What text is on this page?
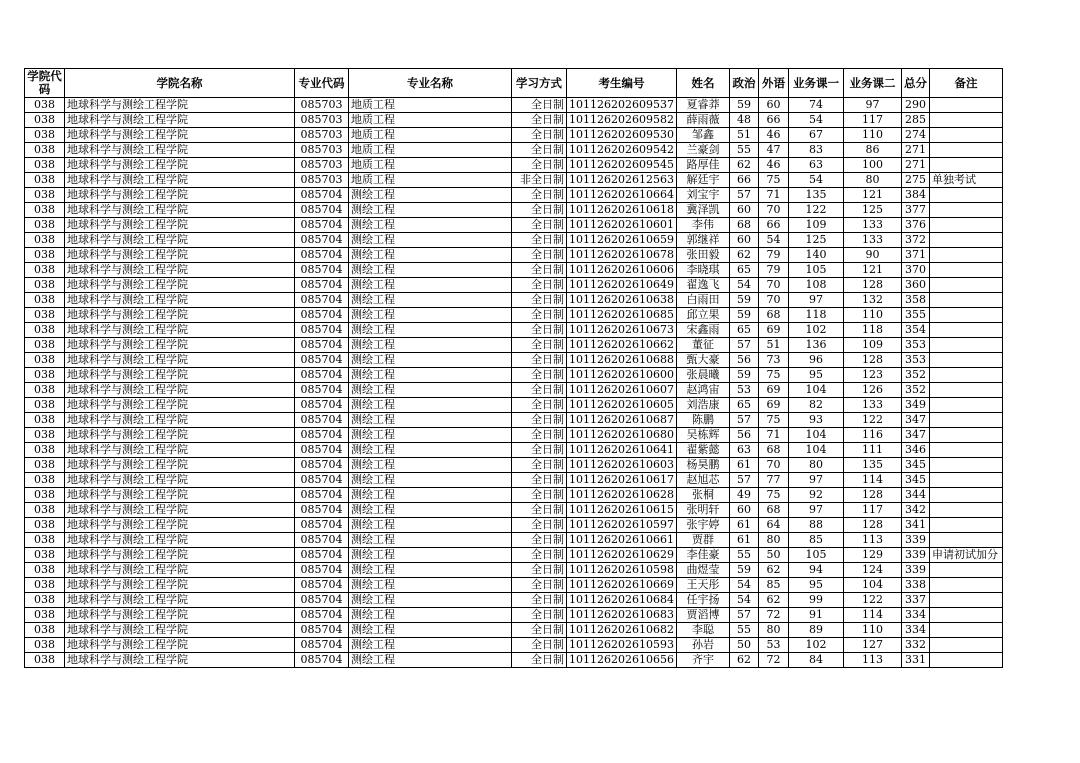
学院代码	学院名称	专业代码	专业名称	学习方式	考生编号	姓名	政治	外语	业务课一	业务课二	总分	备注
038	地球科学与测绘工程学院	085703	地质工程	全日制	101126202609537	夏睿莽	59	60	74	97	290	
038	地球科学与测绘工程学院	085703	地质工程	全日制	101126202609582	薛雨薇	48	66	54	117	285	
038	地球科学与测绘工程学院	085703	地质工程	全日制	101126202609530	邹鑫	51	46	67	110	274	
038	地球科学与测绘工程学院	085703	地质工程	全日制	101126202609542	兰豪剑	55	47	83	86	271	
038	地球科学与测绘工程学院	085703	地质工程	全日制	101126202609545	路厚佳	62	46	63	100	271	
038	地球科学与测绘工程学院	085703	地质工程	非全日制	101126202612563	解廷宇	66	75	54	80	275	单独考试
038	地球科学与测绘工程学院	085704	测绘工程	全日制	101126202610664	刘宝宇	57	71	135	121	384	
038	地球科学与测绘工程学院	085704	测绘工程	全日制	101126202610618	冀泽凯	60	70	122	125	377	
038	地球科学与测绘工程学院	085704	测绘工程	全日制	101126202610601	李伟	68	66	109	133	376	
038	地球科学与测绘工程学院	085704	测绘工程	全日制	101126202610659	郭继祥	60	54	125	133	372	
038	地球科学与测绘工程学院	085704	测绘工程	全日制	101126202610678	张田毅	62	79	140	90	371	
038	地球科学与测绘工程学院	085704	测绘工程	全日制	101126202610606	李晓琪	65	79	105	121	370	
038	地球科学与测绘工程学院	085704	测绘工程	全日制	101126202610649	翟逸飞	54	70	108	128	360	
038	地球科学与测绘工程学院	085704	测绘工程	全日制	101126202610638	白雨田	59	70	97	132	358	
038	地球科学与测绘工程学院	085704	测绘工程	全日制	101126202610685	邱立果	59	68	118	110	355	
038	地球科学与测绘工程学院	085704	测绘工程	全日制	101126202610673	宋鑫雨	65	69	102	118	354	
038	地球科学与测绘工程学院	085704	测绘工程	全日制	101126202610662	董征	57	51	136	109	353	
038	地球科学与测绘工程学院	085704	测绘工程	全日制	101126202610688	甄大豪	56	73	96	128	353	
038	地球科学与测绘工程学院	085704	测绘工程	全日制	101126202610600	张晨曦	59	75	95	123	352	
038	地球科学与测绘工程学院	085704	测绘工程	全日制	101126202610607	赵鸿宙	53	69	104	126	352	
038	地球科学与测绘工程学院	085704	测绘工程	全日制	101126202610605	刘浩康	65	69	82	133	349	
038	地球科学与测绘工程学院	085704	测绘工程	全日制	101126202610687	陈鹏	57	75	93	122	347	
038	地球科学与测绘工程学院	085704	测绘工程	全日制	101126202610680	吴栋辉	56	71	104	116	347	
038	地球科学与测绘工程学院	085704	测绘工程	全日制	101126202610641	翟紫懿	63	68	104	111	346	
038	地球科学与测绘工程学院	085704	测绘工程	全日制	101126202610603	杨昊鹏	61	70	80	135	345	
038	地球科学与测绘工程学院	085704	测绘工程	全日制	101126202610617	赵旭芯	57	77	97	114	345	
038	地球科学与测绘工程学院	085704	测绘工程	全日制	101126202610628	张桐	49	75	92	128	344	
038	地球科学与测绘工程学院	085704	测绘工程	全日制	101126202610615	张明轩	60	68	97	117	342	
038	地球科学与测绘工程学院	085704	测绘工程	全日制	101126202610597	张宇婷	61	64	88	128	341	
038	地球科学与测绘工程学院	085704	测绘工程	全日制	101126202610661	贾群	61	80	85	113	339	
038	地球科学与测绘工程学院	085704	测绘工程	全日制	101126202610629	李佳豪	55	50	105	129	339	申请初试加分
038	地球科学与测绘工程学院	085704	测绘工程	全日制	101126202610598	曲煜莹	59	62	94	124	339	
038	地球科学与测绘工程学院	085704	测绘工程	全日制	101126202610669	王天彤	54	85	95	104	338	
038	地球科学与测绘工程学院	085704	测绘工程	全日制	101126202610684	任宇扬	54	62	99	122	337	
038	地球科学与测绘工程学院	085704	测绘工程	全日制	101126202610683	贾滔博	57	72	91	114	334	
038	地球科学与测绘工程学院	085704	测绘工程	全日制	101126202610682	李聪	55	80	89	110	334	
038	地球科学与测绘工程学院	085704	测绘工程	全日制	101126202610593	孙岩	50	53	102	127	332	
038	地球科学与测绘工程学院	085704	测绘工程	全日制	101126202610656	齐宇	62	72	84	113	331	
